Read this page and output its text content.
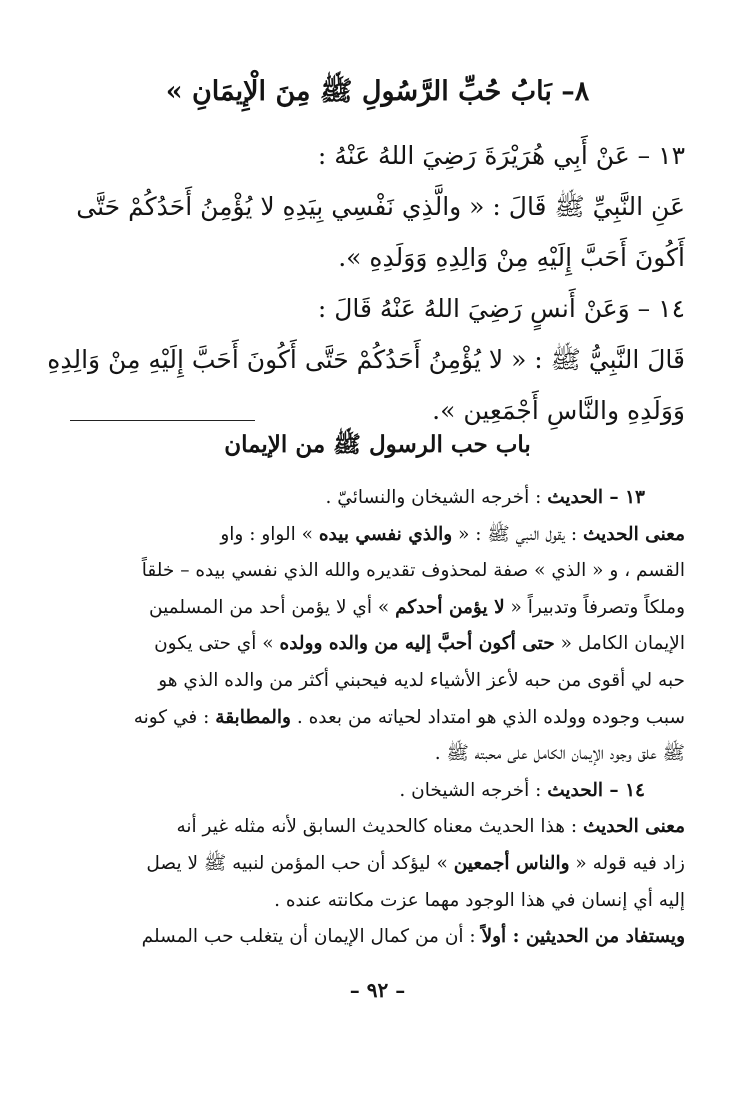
٨– بَابُ حُبِّ الرَّسُولِ ﷺ مِنَ الْإِيمَانِ »
١٣ – عَنْ أَبِي هُرَيْرَةَ رَضِيَ اللهُ عَنْهُ :
عَنِ النَّبِيِّ ﷺ قَالَ : « والَّذِي نَفْسِي بِيَدِهِ لا يُؤْمِنُ أَحَدُكُمْ حَتَّى
أَكُونَ أَحَبَّ إِلَيْهِ مِنْ وَالِدِهِ وَوَلَدِهِ ».
١٤ – وَعَنْ أَنسٍ رَضِيَ اللهُ عَنْهُ قَالَ :
قَالَ النَّبِيُّ ﷺ : « لا يُؤْمِنُ أَحَدُكُمْ حَتَّى أَكُونَ أَحَبَّ إِلَيْهِ مِنْ وَالِدِهِ
وَوَلَدِهِ والنَّاسِ أَجْمَعِين ».
باب حب الرسول ﷺ من الإيمان
١٣ – الحديث : أخرجه الشيخان والنسائيّ .
معنى الحديث : يقول النبي ﷺ : « والذي نفسي بيده » الواو : واو
القسم ، و « الذي » صفة لمحذوف تقديره والله الذي نفسي بيده – خلقاً
وملكاً وتصرفاً وتدبيراً « لا يؤمن أحدكم » أي لا يؤمن أحد من المسلمين
الإيمان الكامل « حتى أكون أحبَّ إليه من والده وولده » أي حتى يكون
حبه لي أقوى من حبه لأعز الأشياء لديه فيحبني أكثر من والده الذي هو
سبب وجوده وولده الذي هو امتداد لحياته من بعده . والمطابقة : في كونه
ﷺ علق وجود الإيمان الكامل على محبته ﷺ .
١٤ – الحديث : أخرجه الشيخان .
معنى الحديث : هذا الحديث معناه كالحديث السابق لأنه مثله غير أنه
زاد فيه قوله « والناس أجمعين » ليؤكد أن حب المؤمن لنبيه ﷺ لا يصل
إليه أي إنسان في هذا الوجود مهما عزت مكانته عنده .
ويستفاد من الحديثين : أولاً : أن من كمال الإيمان أن يتغلب حب المسلم
– ٩٢ –
